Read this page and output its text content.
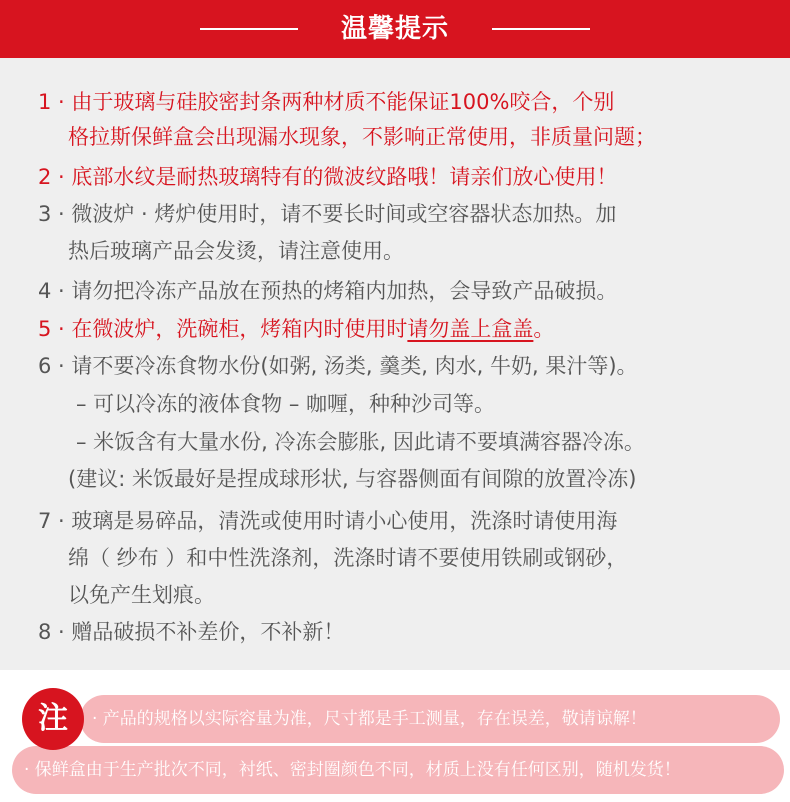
温馨提示
1 · 由于玻璃与硅胶密封条两种材质不能保证100%咬合，个别
格拉斯保鲜盒会出现漏水现象，不影响正常使用，非质量问题；
2 · 底部水纹是耐热玻璃特有的微波纹路哦！请亲们放心使用！
3 · 微波炉 · 烤炉使用时，请不要长时间或空容器状态加热。加
热后玻璃产品会发烫，请注意使用。
4 · 请勿把冷冻产品放在预热的烤箱内加热，会导致产品破损。
5 · 在微波炉，洗碗柜，烤箱内时使用时请勿盖上盒盖。
6 · 请不要冷冻食物水份(如粥, 汤类, 羹类, 肉水, 牛奶, 果汁等)。
– 可以冷冻的液体食物 – 咖喱，种种沙司等。
– 米饭含有大量水份, 冷冻会膨胀, 因此请不要填满容器冷冻。
(建议: 米饭最好是捏成球形状, 与容器侧面有间隙的放置冷冻)
7 · 玻璃是易碎品，清洗或使用时请小心使用，洗涤时请使用海
绵（ 纱布 ）和中性洗涤剂，洗涤时请不要使用铁刷或钢砂，
以免产生划痕。
8 · 赠品破损不补差价，不补新！
· 产品的规格以实际容量为准，尺寸都是手工测量，存在误差，敬请谅解！
· 保鲜盒由于生产批次不同，衬纸、密封圈颜色不同，材质上没有任何区别，随机发货！
注
